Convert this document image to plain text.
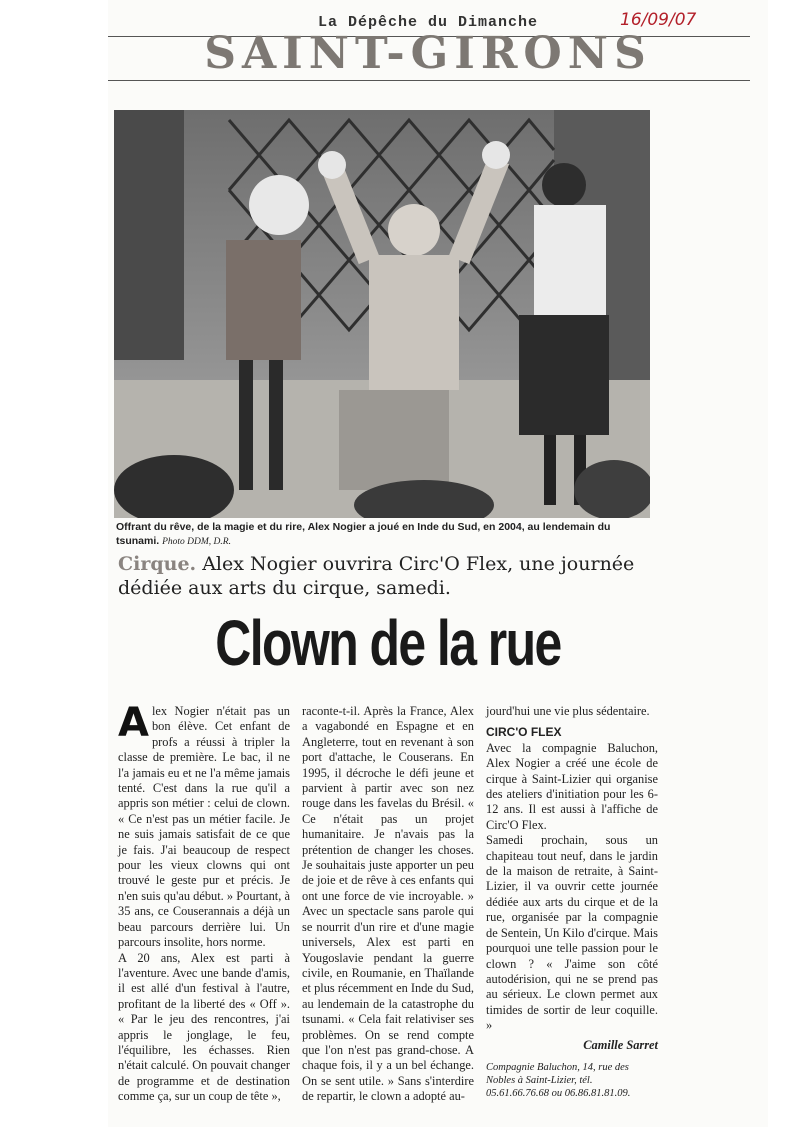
La Dépêche du Dimanche	16/09/07
SAINT-GIRONS
Offrant du rêve, de la magie et du rire, Alex Nogier a joué en Inde du Sud, en 2004, au lendemain du tsunami. Photo DDM, D.R.
Cirque. Alex Nogier ouvrira Circ'O Flex, une journée dédiée aux arts du cirque, samedi.
Clown de la rue

Alex Nogier n'était pas un bon élève. Cet enfant de profs a réussi à tripler la classe de première. Le bac, il ne l'a jamais eu et ne l'a même jamais tenté. C'est dans la rue qu'il a appris son métier : celui de clown. « Ce n'est pas un métier facile. Je ne suis jamais satisfait de ce que je fais. J'ai beaucoup de respect pour les vieux clowns qui ont trouvé le geste pur et précis. Je n'en suis qu'au début. » Pourtant, à 35 ans, ce Couserannais a déjà un beau parcours derrière lui. Un parcours insolite, hors norme.

A 20 ans, Alex est parti à l'aventure. Avec une bande d'amis, il est allé d'un festival à l'autre, profitant de la liberté des « Off ». « Par le jeu des rencontres, j'ai appris le jonglage, le feu, l'équilibre, les échasses. Rien n'était calculé. On pouvait changer de programme et de destination comme ça, sur un coup de tête »,

raconte-t-il. Après la France, Alex a vagabondé en Espagne et en Angleterre, tout en revenant à son port d'attache, le Couserans. En 1995, il décroche le défi jeune et parvient à partir avec son nez rouge dans les favelas du Brésil. « Ce n'était pas un projet humanitaire. Je n'avais pas la prétention de changer les choses. Je souhaitais juste apporter un peu de joie et de rêve à ces enfants qui ont une force de vie incroyable. » Avec un spectacle sans parole qui se nourrit d'un rire et d'une magie universels, Alex est parti en Yougoslavie pendant la guerre civile, en Roumanie, en Thaïlande et plus récemment en Inde du Sud, au lendemain de la catastrophe du tsunami. « Cela fait relativiser ses problèmes. On se rend compte que l'on n'est pas grand-chose. A chaque fois, il y a un bel échange. On se sent utile. » Sans s'interdire de repartir, le clown a adopté au-

jourd'hui une vie plus sédentaire.

CIRC'O FLEX

Avec la compagnie Baluchon, Alex Nogier a créé une école de cirque à Saint-Lizier qui organise des ateliers d'initiation pour les 6-12 ans. Il est aussi à l'affiche de Circ'O Flex.

Samedi prochain, sous un chapiteau tout neuf, dans le jardin de la maison de retraite, à Saint-Lizier, il va ouvrir cette journée dédiée aux arts du cirque et de la rue, organisée par la compagnie de Sentein, Un Kilo d'cirque. Mais pourquoi une telle passion pour le clown ? « J'aime son côté autodérision, qui ne se prend pas au sérieux. Le clown permet aux timides de sortir de leur coquille. »

Camille Sarret

Compagnie Baluchon, 14, rue des Nobles à Saint-Lizier, tél. 05.61.66.76.68 ou 06.86.81.81.09.
